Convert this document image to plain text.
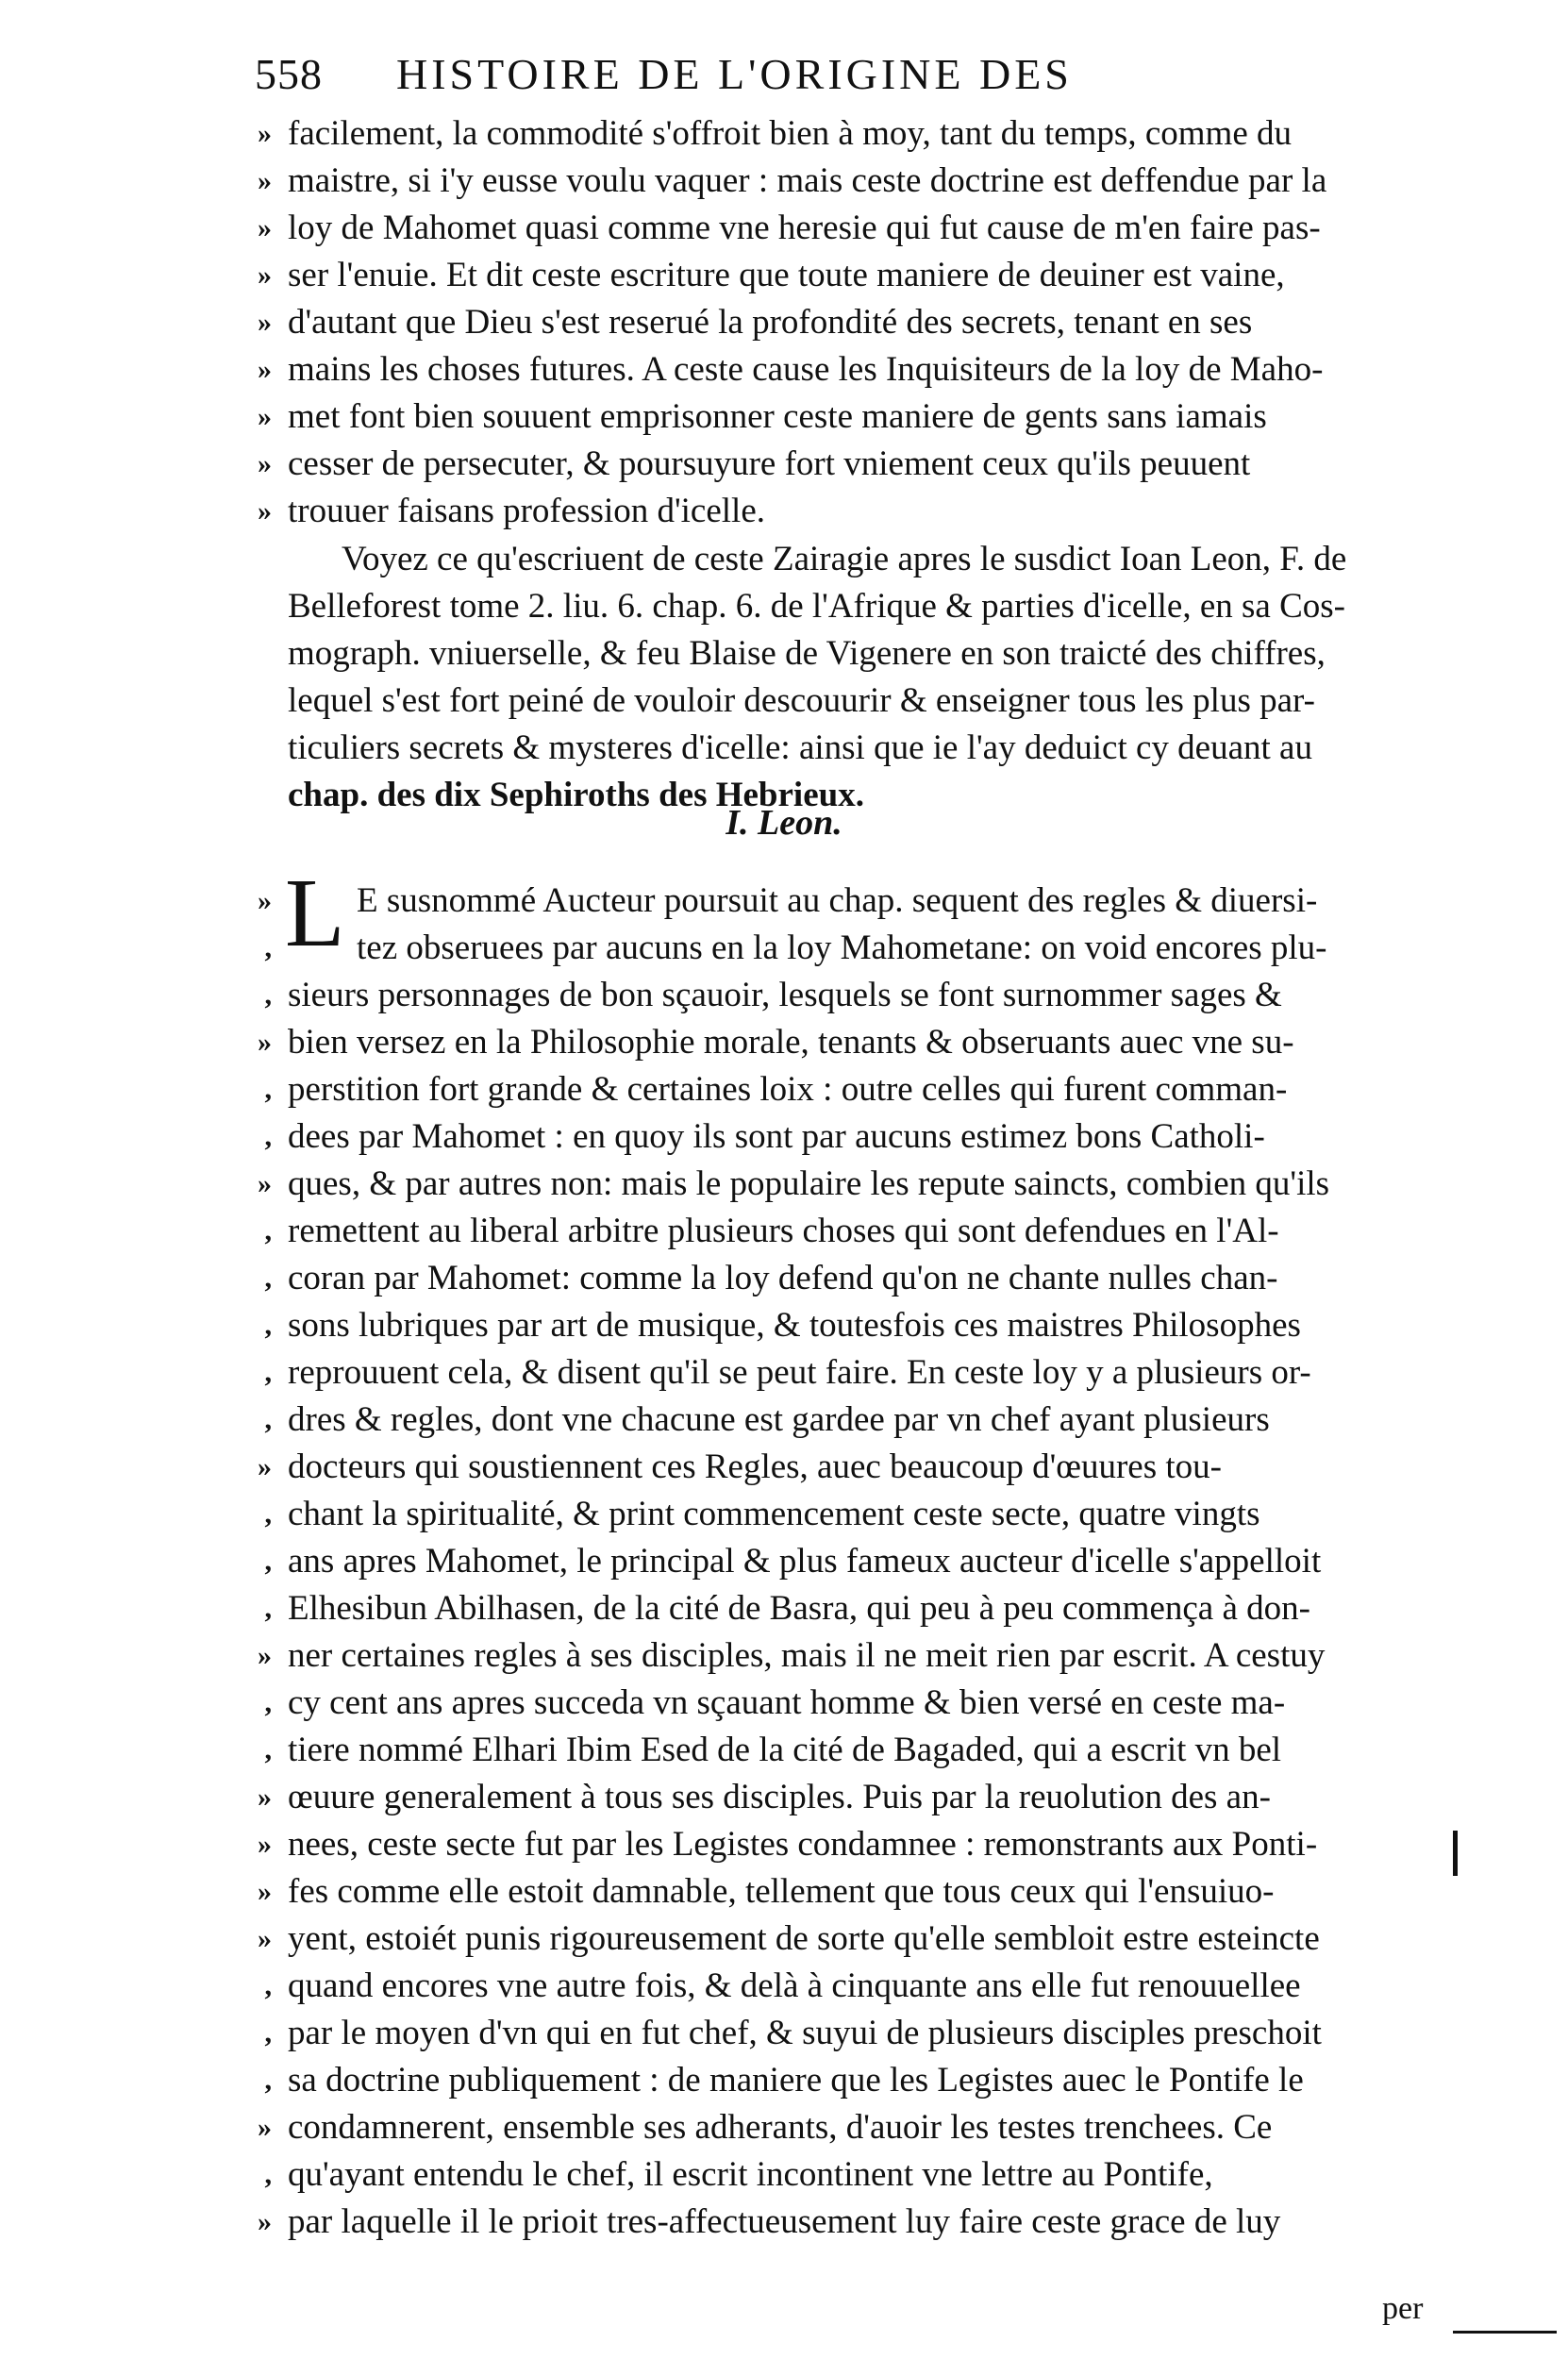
558 HISTOIRE DE L'ORIGINE DES
» facilement, la commodité s'offroit bien à moy, tant du temps, comme du
» maistre, si i'y eusse voulu vaquer : mais ceste doctrine est deffendue par la
» loy de Mahomet quasi comme vne heresie qui fut cause de m'en faire pas-
» ser l'enuie. Et dit ceste escriture que toute maniere de deuiner est vaine,
» d'autant que Dieu s'est reserué la profondité des secrets, tenant en ses
» mains les choses futures. A ceste cause les Inquisiteurs de la loy de Maho-
» met font bien souuent emprisonner ceste maniere de gents sans iamais
» cesser de persecuter, & poursuyure fort vniement ceux qu'ils peuuent
» trouuer faisans profession d'icelle.
Voyez ce qu'escriuent de ceste Zairagie apres le susdict Ioan Leon, F. de
Belleforest tome 2. liu. 6. chap. 6. de l'Afrique & parties d'icelle, en sa Cos-
mograph. vniuerselle, & feu Blaise de Vigenere en son traicté des chiffres,
lequel s'est fort peiné de vouloir descouurir & enseigner tous les plus par-
ticuliers secrets & mysteres d'icelle: ainsi que ie l'ay deduict cy deuant au
chap. des dix Sephiroths des Hebrieux.
I. Leon.
L
» E susnommé Aucteur poursuit au chap. sequent des regles & diuersi-
, tez obseruees par aucuns en la loy Mahometane: on void encores plu-
, sieurs personnages de bon sçauoir, lesquels se font surnommer sages &
» bien versez en la Philosophie morale, tenants & obseruants auec vne su-
, perstition fort grande & certaines loix : outre celles qui furent comman-
, dees par Mahomet : en quoy ils sont par aucuns estimez bons Catholi-
» ques, & par autres non: mais le populaire les repute saincts, combien qu'ils
, remettent au liberal arbitre plusieurs choses qui sont defendues en l'Al-
, coran par Mahomet: comme la loy defend qu'on ne chante nulles chan-
, sons lubriques par art de musique, & toutesfois ces maistres Philosophes
, reprouuent cela, & disent qu'il se peut faire. En ceste loy y a plusieurs or-
, dres & regles, dont vne chacune est gardee par vn chef ayant plusieurs
» docteurs qui soustiennent ces Regles, auec beaucoup d'œuures tou-
, chant la spiritualité, & print commencement ceste secte, quatre vingts
, ans apres Mahomet, le principal & plus fameux aucteur d'icelle s'appelloit
, Elhesibun Abilhasen, de la cité de Basra, qui peu à peu commença à don-
» ner certaines regles à ses disciples, mais il ne meit rien par escrit. A cestuy
, cy cent ans apres succeda vn sçauant homme & bien versé en ceste ma-
, tiere nommé Elhari Ibim Esed de la cité de Bagaded, qui a escrit vn bel
» œuure generalement à tous ses disciples. Puis par la reuolution des an-
» nees, ceste secte fut par les Legistes condamnee : remonstrants aux Ponti-
» fes comme elle estoit damnable, tellement que tous ceux qui l'ensuiuo-
» yent, estoiét punis rigoureusement de sorte qu'elle sembloit estre esteincte
, quand encores vne autre fois, & delà à cinquante ans elle fut renouuellee
, par le moyen d'vn qui en fut chef, & suyui de plusieurs disciples preschoit
, sa doctrine publiquement : de maniere que les Legistes auec le Pontife le
» condamnerent, ensemble ses adherants, d'auoir les testes trenchees. Ce
, qu'ayant entendu le chef, il escrit incontinent vne lettre au Pontife,
» par laquelle il le prioit tres-affectueusement luy faire ceste grace de luy
per
